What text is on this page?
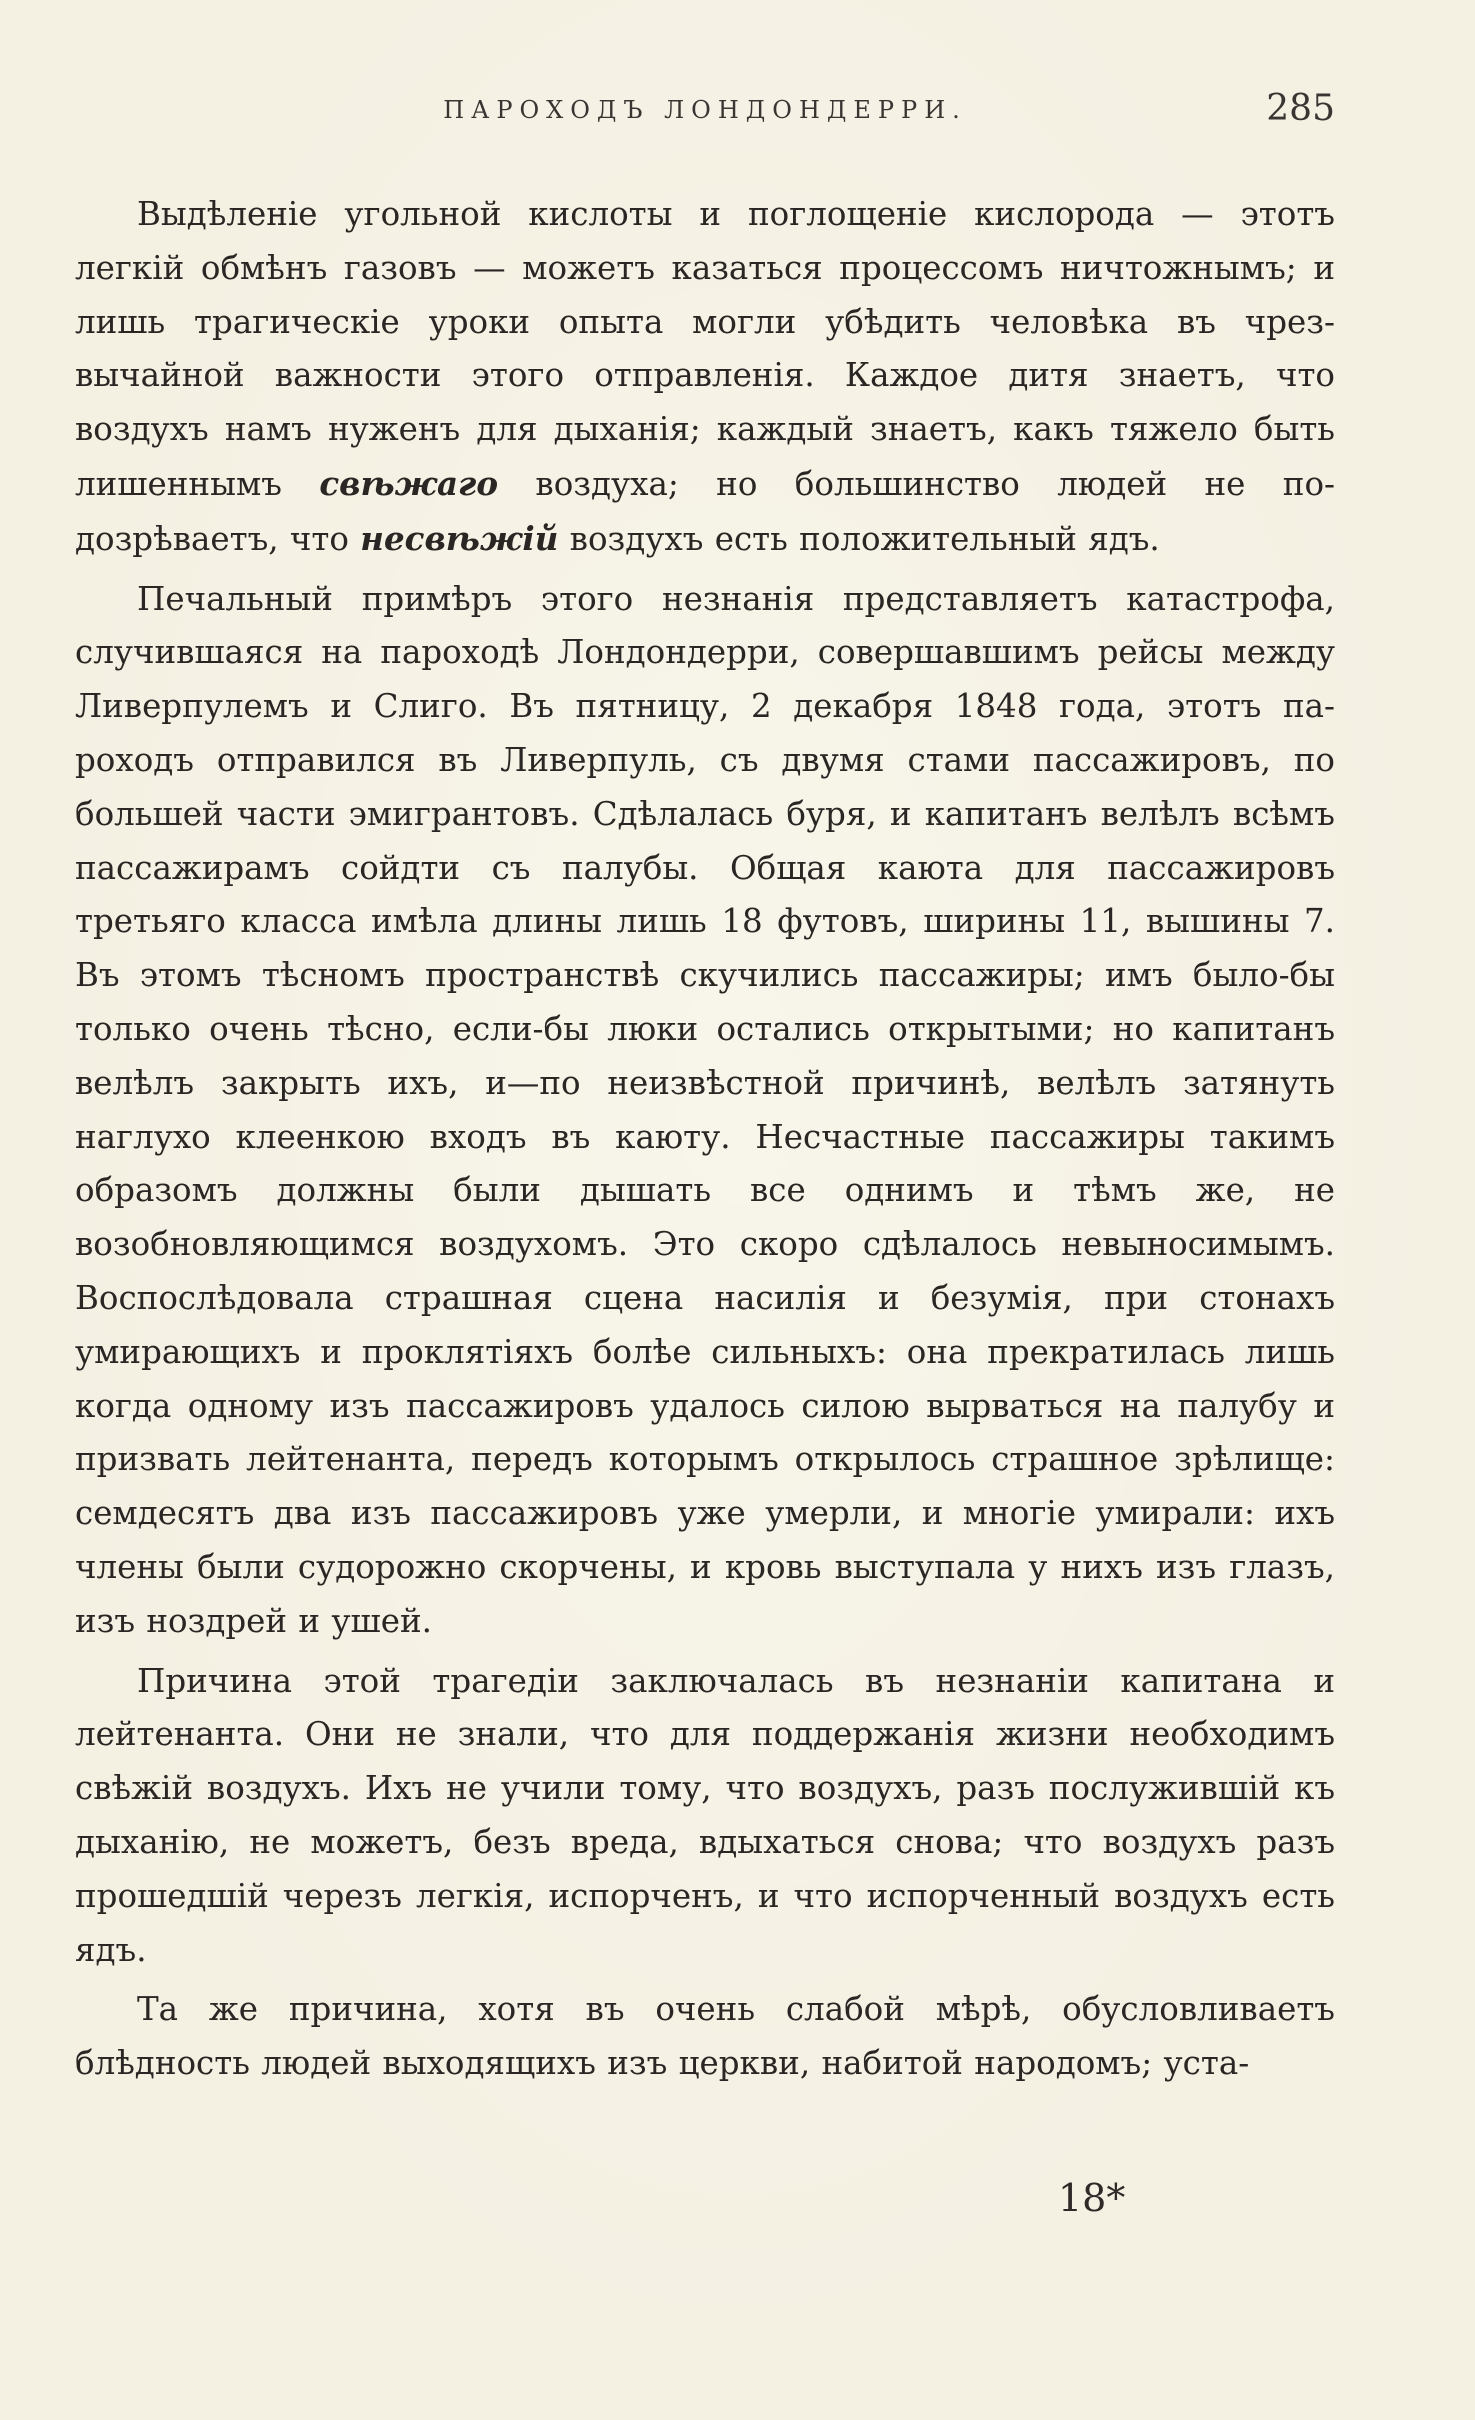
ПАРОХОДЪ ЛОНДОНДЕРРИ.	285

Выдѣленіе угольной кислоты и поглощеніе кислорода — этотъ легкій обмѣнъ газовъ — можетъ казаться процессомъ ничтожнымъ; и лишь трагическіе уроки опыта могли убѣдить человѣка въ чрезвычайной важности этого отправленія. Каждое дитя знаетъ, что воздухъ намъ нуженъ для дыханія; каждый знаетъ, какъ тяжело быть лишеннымъ свѣжаго воздуха; но большинство людей не подозрѣваетъ, что несвѣжій воздухъ есть положительный ядъ.

Печальный примѣръ этого незнанія представляетъ катастрофа, случившаяся на пароходѣ Лондондерри, совершавшимъ рейсы между Ливерпулемъ и Слиго. Въ пятницу, 2 декабря 1848 года, этотъ пароходъ отправился въ Ливерпуль, съ двумя стами пассажировъ, по большей части эмигрантовъ. Сдѣлалась буря, и капитанъ велѣлъ всѣмъ пассажирамъ сойдти съ палубы. Общая каюта для пассажировъ третьяго класса имѣла длины лишь 18 футовъ, ширины 11, вышины 7. Въ этомъ тѣсномъ пространствѣ скучились пассажиры; имъ было-бы только очень тѣсно, если-бы люки остались открытыми; но капитанъ велѣлъ закрыть ихъ, и—по неизвѣстной причинѣ, велѣлъ затянуть наглухо клеенкою входъ въ каюту. Несчастные пассажиры такимъ образомъ должны были дышать все однимъ и тѣмъ же, не возобновляющимся воздухомъ. Это скоро сдѣлалось невыносимымъ. Воспослѣдовала страшная сцена насилія и безумія, при стонахъ умирающихъ и проклятіяхъ болѣе сильныхъ: она прекратилась лишь когда одному изъ пассажировъ удалось силою вырваться на палубу и призвать лейтенанта, передъ которымъ открылось страшное зрѣлище: семдесятъ два изъ пассажировъ уже умерли, и многіе умирали: ихъ члены были судорожно скорчены, и кровь выступала у нихъ изъ глазъ, изъ ноздрей и ушей.

Причина этой трагедіи заключалась въ незнаніи капитана и лейтенанта. Они не знали, что для поддержанія жизни необходимъ свѣжій воздухъ. Ихъ не учили тому, что воздухъ, разъ послужившій къ дыханію, не можетъ, безъ вреда, вдыхаться снова; что воздухъ разъ прошедшій черезъ легкія, испорченъ, и что испорченный воздухъ есть ядъ.

Та же причина, хотя въ очень слабой мѣрѣ, обусловливаетъ блѣдность людей выходящихъ изъ церкви, набитой народомъ; уста-

18*
